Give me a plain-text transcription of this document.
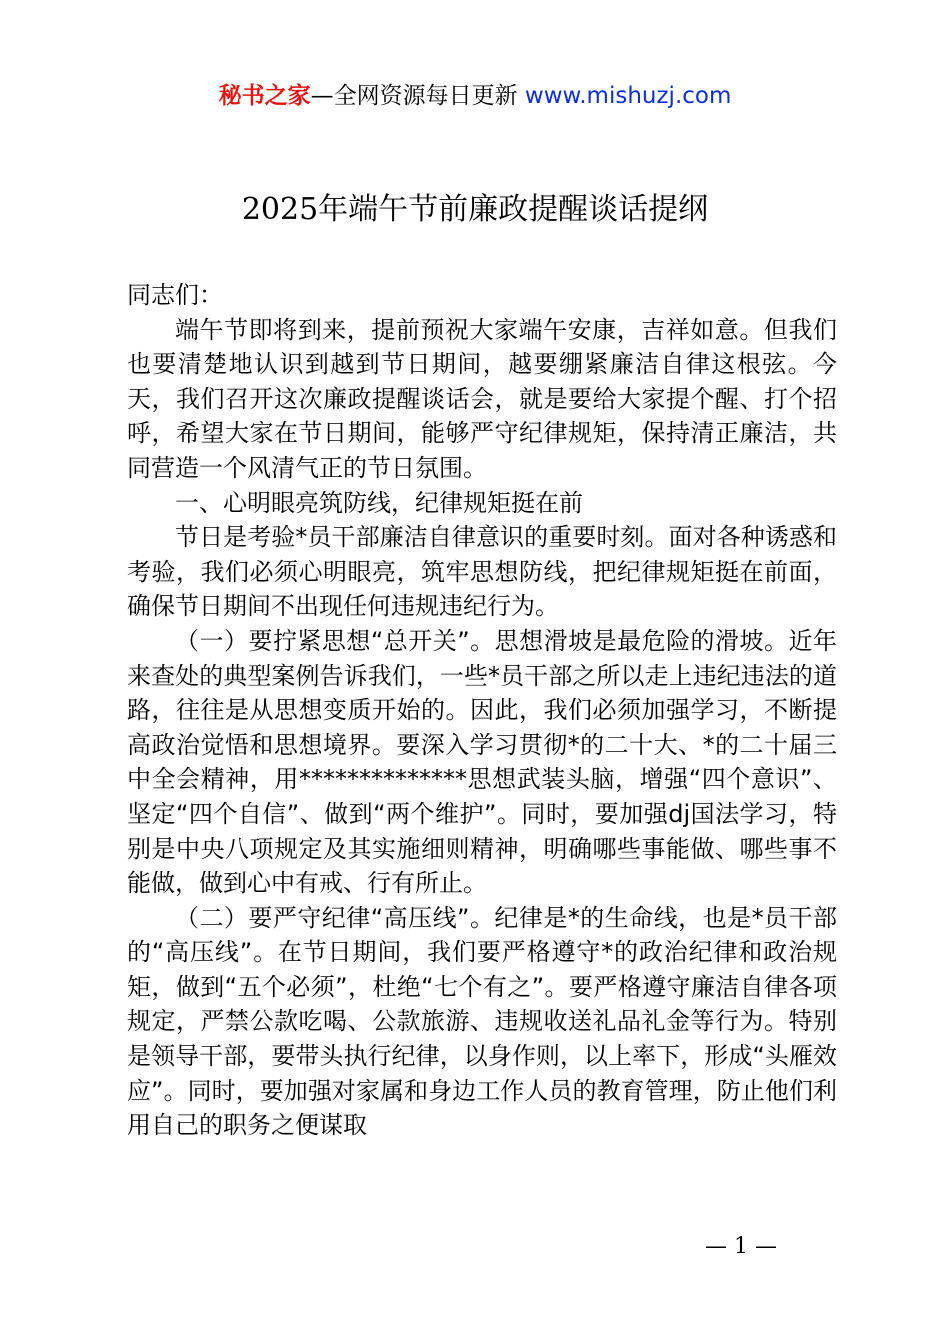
秘书之家—全网资源每日更新 www.mishuzj.com
2025年端午节前廉政提醒谈话提纲

同志们：

端午节即将到来，提前预祝大家端午安康，吉祥如意。但我们也要清楚地认识到越到节日期间，越要绷紧廉洁自律这根弦。今天，我们召开这次廉政提醒谈话会，就是要给大家提个醒、打个招呼，希望大家在节日期间，能够严守纪律规矩，保持清正廉洁，共同营造一个风清气正的节日氛围。

一、心明眼亮筑防线，纪律规矩挺在前

节日是考验*员干部廉洁自律意识的重要时刻。面对各种诱惑和考验，我们必须心明眼亮，筑牢思想防线，把纪律规矩挺在前面，确保节日期间不出现任何违规违纪行为。

（一）要拧紧思想“总开关”。思想滑坡是最危险的滑坡。近年来查处的典型案例告诉我们，一些*员干部之所以走上违纪违法的道路，往往是从思想变质开始的。因此，我们必须加强学习，不断提高政治觉悟和思想境界。要深入学习贯彻*的二十大、*的二十届三中全会精神，用**************思想武装头脑，增强“四个意识”、坚定“四个自信”、做到“两个维护”。同时，要加强dj国法学习，特别是中央八项规定及其实施细则精神，明确哪些事能做、哪些事不能做，做到心中有戒、行有所止。

（二）要严守纪律“高压线”。纪律是*的生命线，也是*员干部的“高压线”。在节日期间，我们要严格遵守*的政治纪律和政治规矩，做到“五个必须”，杜绝“七个有之”。要严格遵守廉洁自律各项规定，严禁公款吃喝、公款旅游、违规收送礼品礼金等行为。特别是领导干部，要带头执行纪律，以身作则，以上率下，形成“头雁效应”。同时，要加强对家属和身边工作人员的教育管理，防止他们利用自己的职务之便谋取

— 1 —
